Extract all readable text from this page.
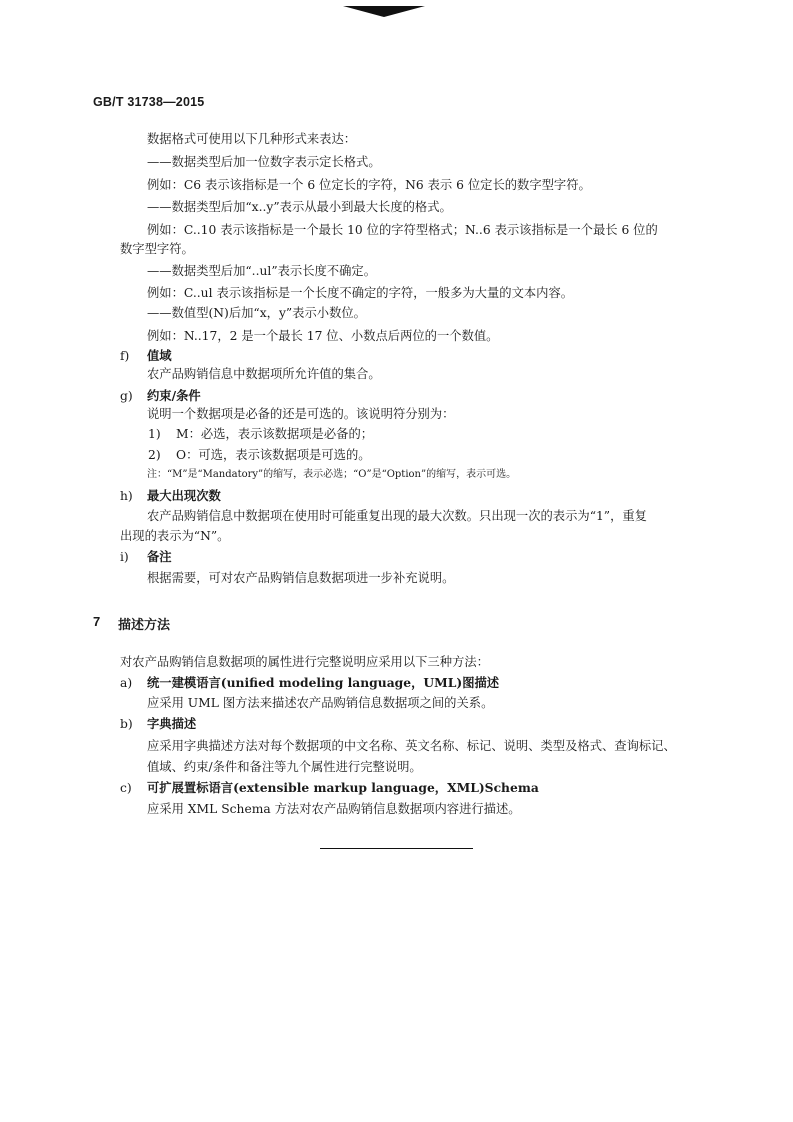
GB/T 31738—2015
数据格式可使用以下几种形式来表达：
——数据类型后加一位数字表示定长格式。
例如：C6 表示该指标是一个 6 位定长的字符，N6 表示 6 位定长的数字型字符。
——数据类型后加“x..y”表示从最小到最大长度的格式。
例如：C..10 表示该指标是一个最长 10 位的字符型格式；N..6 表示该指标是一个最长 6 位的
数字型字符。
——数据类型后加“..ul”表示长度不确定。
例如：C..ul 表示该指标是一个长度不确定的字符，一般多为大量的文本内容。
——数值型(N)后加“x，y”表示小数位。
例如：N..17，2 是一个最长 17 位、小数点后两位的一个数值。
f) 值域
农产品购销信息中数据项所允许值的集合。
g) 约束/条件
说明一个数据项是必备的还是可选的。该说明符分别为：
1) M：必选，表示该数据项是必备的；
2) O：可选，表示该数据项是可选的。
注：“M”是“Mandatory”的缩写，表示必选；“O”是“Option”的缩写，表示可选。
h) 最大出现次数
农产品购销信息中数据项在使用时可能重复出现的最大次数。只出现一次的表示为“1”，重复
出现的表示为“N”。
i) 备注
根据需要，可对农产品购销信息数据项进一步补充说明。
7 描述方法
对农产品购销信息数据项的属性进行完整说明应采用以下三种方法：
a) 统一建模语言(unified modeling language，UML)图描述
应采用 UML 图方法来描述农产品购销信息数据项之间的关系。
b) 字典描述
应采用字典描述方法对每个数据项的中文名称、英文名称、标记、说明、类型及格式、查询标记、
值域、约束/条件和备注等九个属性进行完整说明。
c) 可扩展置标语言(extensible markup language，XML)Schema
应采用 XML Schema 方法对农产品购销信息数据项内容进行描述。
